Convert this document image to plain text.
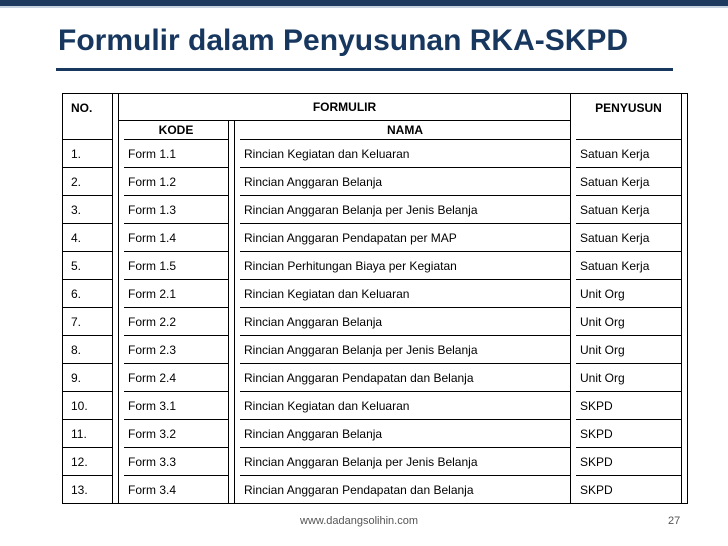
Formulir dalam Penyusunan RKA-SKPD
NO.		FORMULIR						PENYUSUN	
			KODE			NAMA			
1.			Form 1.1			Rincian Kegiatan dan Keluaran		Satuan Kerja	
2.			Form 1.2			Rincian Anggaran Belanja		Satuan Kerja	
3.			Form 1.3			Rincian Anggaran Belanja per Jenis Belanja		Satuan Kerja	
4.			Form 1.4			Rincian Anggaran Pendapatan per MAP		Satuan Kerja	
5.			Form 1.5			Rincian Perhitungan Biaya per Kegiatan		Satuan Kerja	
6.			Form 2.1			Rincian Kegiatan dan Keluaran		Unit Org	
7.			Form 2.2			Rincian Anggaran Belanja		Unit Org	
8.			Form 2.3			Rincian Anggaran Belanja per Jenis Belanja		Unit Org	
9.			Form 2.4			Rincian Anggaran Pendapatan dan Belanja		Unit Org	
10.			Form 3.1			Rincian Kegiatan dan Keluaran		SKPD	
11.			Form 3.2			Rincian Anggaran Belanja		SKPD	
12.			Form 3.3			Rincian Anggaran Belanja per Jenis Belanja		SKPD	
13.			Form 3.4			Rincian Anggaran Pendapatan dan Belanja		SKPD	
www.dadangsolihin.com	27
